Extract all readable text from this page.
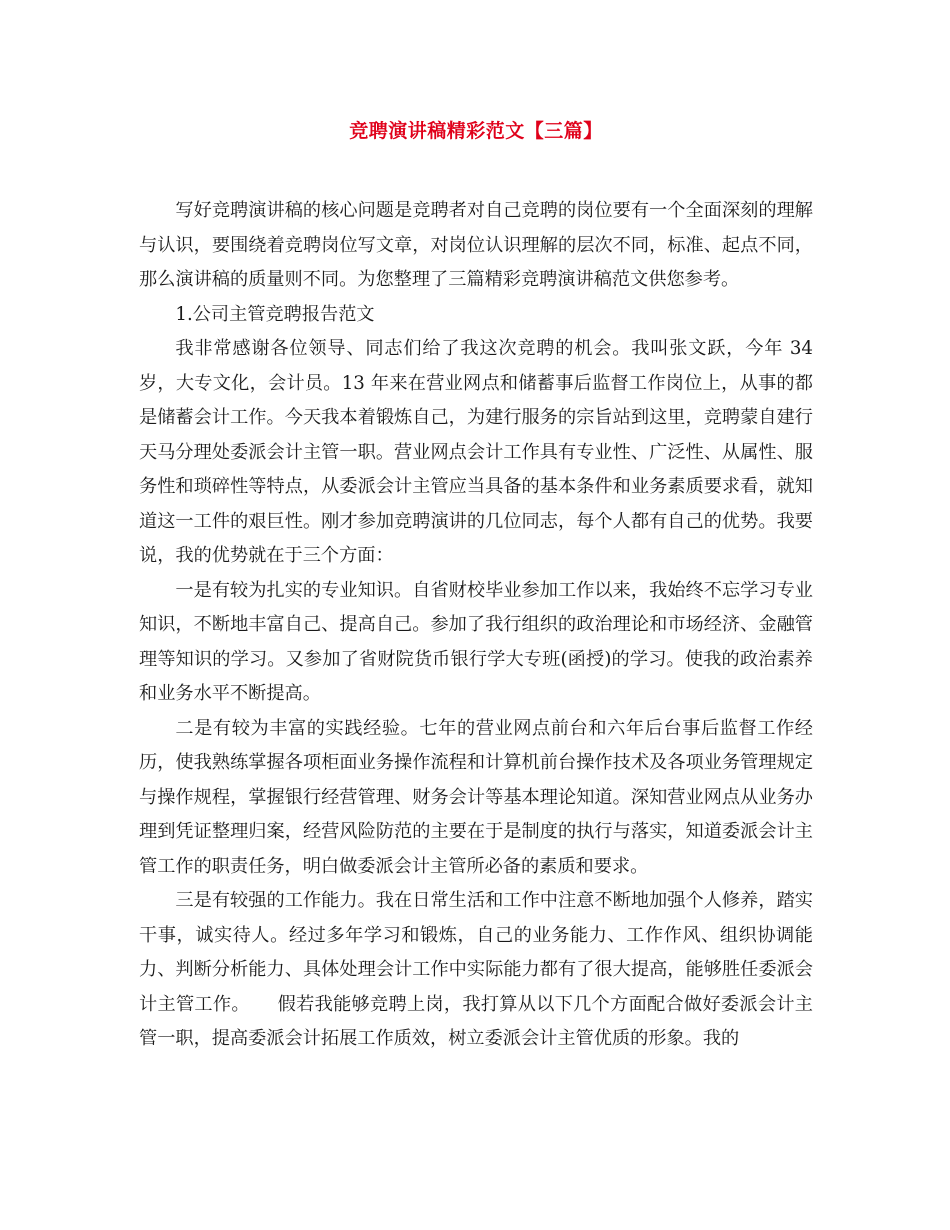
竞聘演讲稿精彩范文【三篇】

写好竞聘演讲稿的核心问题是竞聘者对自己竞聘的岗位要有一个全面深刻的理解与认识，要围绕着竞聘岗位写文章，对岗位认识理解的层次不同，标准、起点不同，那么演讲稿的质量则不同。为您整理了三篇精彩竞聘演讲稿范文供您参考。

1.公司主管竞聘报告范文

我非常感谢各位领导、同志们给了我这次竞聘的机会。我叫张文跃，今年 34 岁，大专文化，会计员。13 年来在营业网点和储蓄事后监督工作岗位上，从事的都是储蓄会计工作。今天我本着锻炼自己，为建行服务的宗旨站到这里，竞聘蒙自建行天马分理处委派会计主管一职。营业网点会计工作具有专业性、广泛性、从属性、服务性和琐碎性等特点，从委派会计主管应当具备的基本条件和业务素质要求看，就知道这一工件的艰巨性。刚才参加竞聘演讲的几位同志，每个人都有自己的优势。我要说，我的优势就在于三个方面：

一是有较为扎实的专业知识。自省财校毕业参加工作以来，我始终不忘学习专业知识，不断地丰富自己、提高自己。参加了我行组织的政治理论和市场经济、金融管理等知识的学习。又参加了省财院货币银行学大专班(函授)的学习。使我的政治素养和业务水平不断提高。

二是有较为丰富的实践经验。七年的营业网点前台和六年后台事后监督工作经历，使我熟练掌握各项柜面业务操作流程和计算机前台操作技术及各项业务管理规定与操作规程，掌握银行经营管理、财务会计等基本理论知道。深知营业网点从业务办理到凭证整理归案，经营风险防范的主要在于是制度的执行与落实，知道委派会计主管工作的职责任务，明白做委派会计主管所必备的素质和要求。

三是有较强的工作能力。我在日常生活和工作中注意不断地加强个人修养，踏实干事，诚实待人。经过多年学习和锻炼，自己的业务能力、工作作风、组织协调能力、判断分析能力、具体处理会计工作中实际能力都有了很大提高，能够胜任委派会计主管工作。　　假若我能够竞聘上岗，我打算从以下几个方面配合做好委派会计主管一职，提高委派会计拓展工作质效，树立委派会计主管优质的形象。我的
